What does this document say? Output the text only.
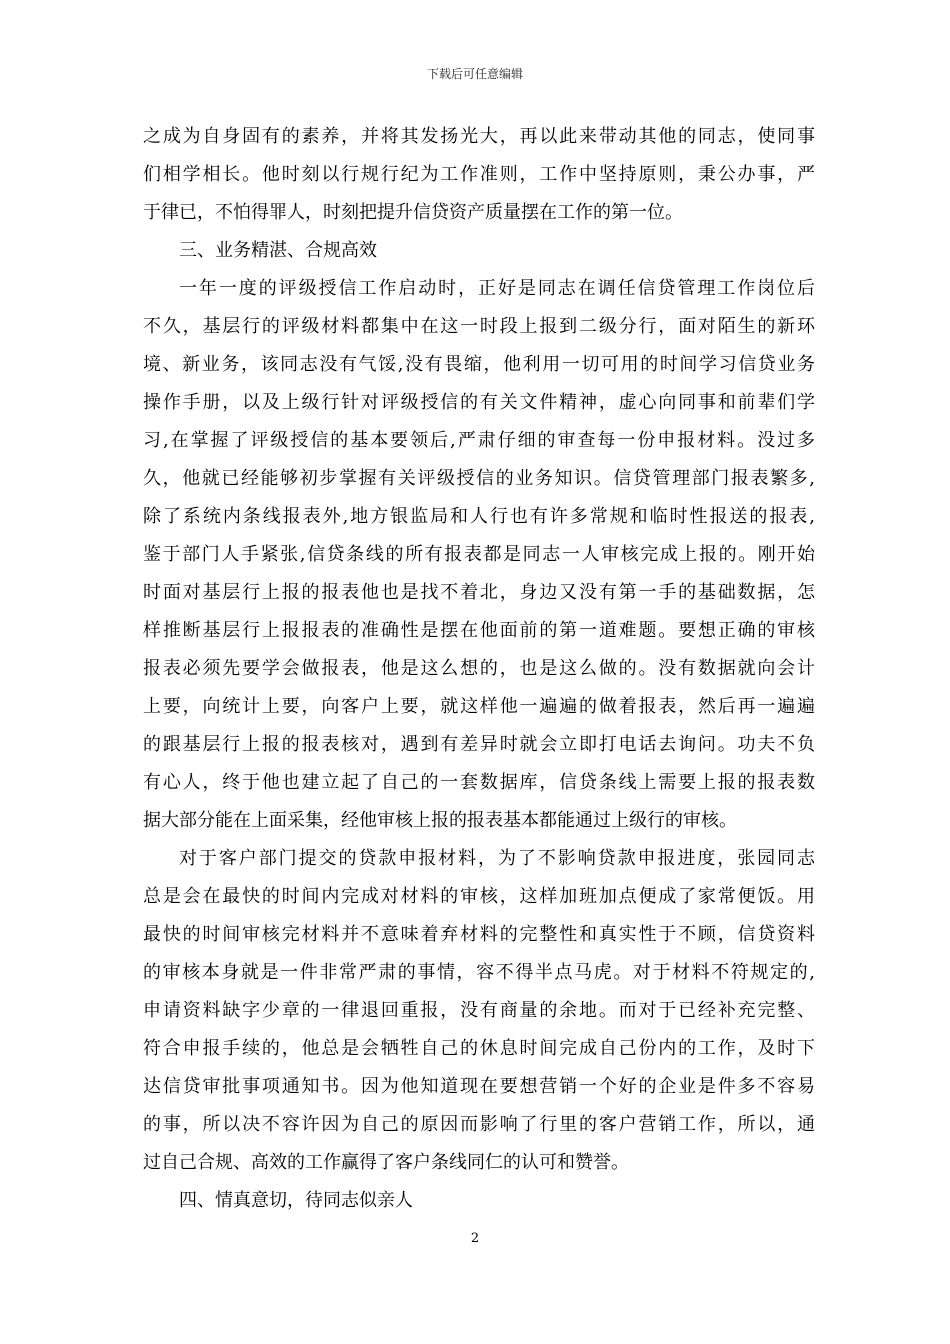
下载后可任意编辑
之成为自身固有的素养，并将其发扬光大，再以此来带动其他的同志，使同事
们相学相长。他时刻以行规行纪为工作准则，工作中坚持原则，秉公办事，严
于律已，不怕得罪人，时刻把提升信贷资产质量摆在工作的第一位。
三、业务精湛、合规高效
一年一度的评级授信工作启动时，正好是同志在调任信贷管理工作岗位后
不久，基层行的评级材料都集中在这一时段上报到二级分行，面对陌生的新环
境、新业务，该同志没有气馁,没有畏缩，他利用一切可用的时间学习信贷业务
操作手册，以及上级行针对评级授信的有关文件精神，虚心向同事和前辈们学
习,在掌握了评级授信的基本要领后,严肃仔细的审查每一份申报材料。没过多
久，他就已经能够初步掌握有关评级授信的业务知识。信贷管理部门报表繁多,
除了系统内条线报表外,地方银监局和人行也有许多常规和临时性报送的报表,
鉴于部门人手紧张,信贷条线的所有报表都是同志一人审核完成上报的。刚开始
时面对基层行上报的报表他也是找不着北，身边又没有第一手的基础数据，怎
样推断基层行上报报表的准确性是摆在他面前的第一道难题。要想正确的审核
报表必须先要学会做报表，他是这么想的，也是这么做的。没有数据就向会计
上要，向统计上要，向客户上要，就这样他一遍遍的做着报表，然后再一遍遍
的跟基层行上报的报表核对，遇到有差异时就会立即打电话去询问。功夫不负
有心人，终于他也建立起了自己的一套数据库，信贷条线上需要上报的报表数
据大部分能在上面采集，经他审核上报的报表基本都能通过上级行的审核。
对于客户部门提交的贷款申报材料，为了不影响贷款申报进度，张园同志
总是会在最快的时间内完成对材料的审核，这样加班加点便成了家常便饭。用
最快的时间审核完材料并不意味着弃材料的完整性和真实性于不顾，信贷资料
的审核本身就是一件非常严肃的事情，容不得半点马虎。对于材料不符规定的,
申请资料缺字少章的一律退回重报，没有商量的余地。而对于已经补充完整、
符合申报手续的，他总是会牺牲自己的休息时间完成自己份内的工作，及时下
达信贷审批事项通知书。因为他知道现在要想营销一个好的企业是件多不容易
的事，所以决不容许因为自己的原因而影响了行里的客户营销工作，所以，通
过自己合规、高效的工作赢得了客户条线同仁的认可和赞誉。
四、情真意切，待同志似亲人
2
